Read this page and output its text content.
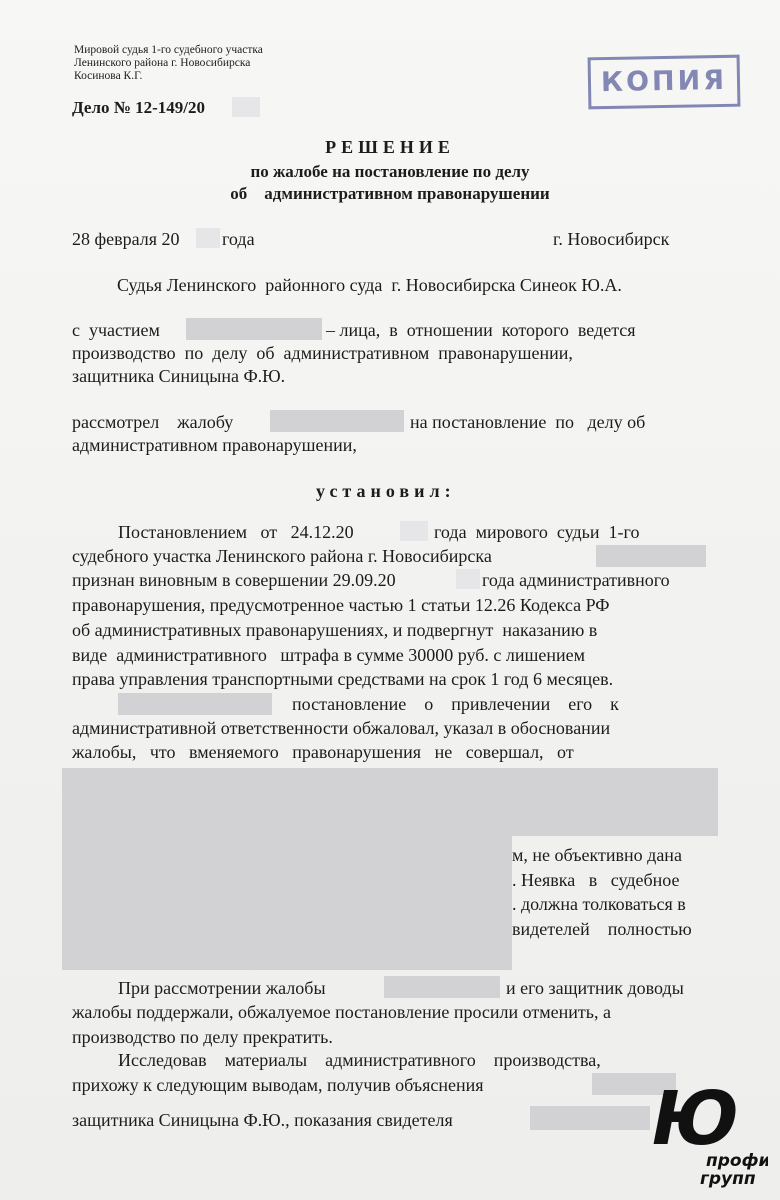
Мировой судья 1-го судебного участка
Ленинского района г. Новосибирска
Косинова К.Г.	КОПИЯ
Дело № 12-149/20
РЕШЕНИЕ
по жалобе на постановление по делу
об    административном правонарушении
28 февраля 20 года	г. Новосибирск
Судья Ленинского  районного суда  г. Новосибирска Синеок Ю.А.
с  участием	– лица,  в  отношении  которого  ведется
производство  по  делу  об  административном  правонарушении,
защитника Синицына Ф.Ю.
рассмотрел    жалобу	на постановление  по   делу об
административном правонарушении,
установил:
Постановлением   от   24.12.20	года  мирового  судьи  1-го
судебного участка Ленинского района г. Новосибирска
признан виновным в совершении 29.09.20	года административного
правонарушения, предусмотренное частью 1 статьи 12.26 Кодекса РФ
об административных правонарушениях, и подвергнут  наказанию в
виде  административного   штрафа в сумме 30000 руб. с лишением
права управления транспортными средствами на срок 1 год 6 месяцев.
постановление    о    привлечении    его    к
административной ответственности обжаловал, указал в обосновании
жалобы,   что   вменяемого   правонарушения   не   совершал,   от
м, не объективно дана
. Неявка   в   судебное
. должна толковаться в
видетелей    полностью
При рассмотрении жалобы	и его защитник доводы
жалобы поддержали, обжалуемое постановление просили отменить, а
производство по делу прекратить.
Исследовав    материалы    административного    производства,
прихожу к следующим выводам, получив объяснения
защитника Синицына Ф.Ю., показания свидетеля	Ю
профи
групп
